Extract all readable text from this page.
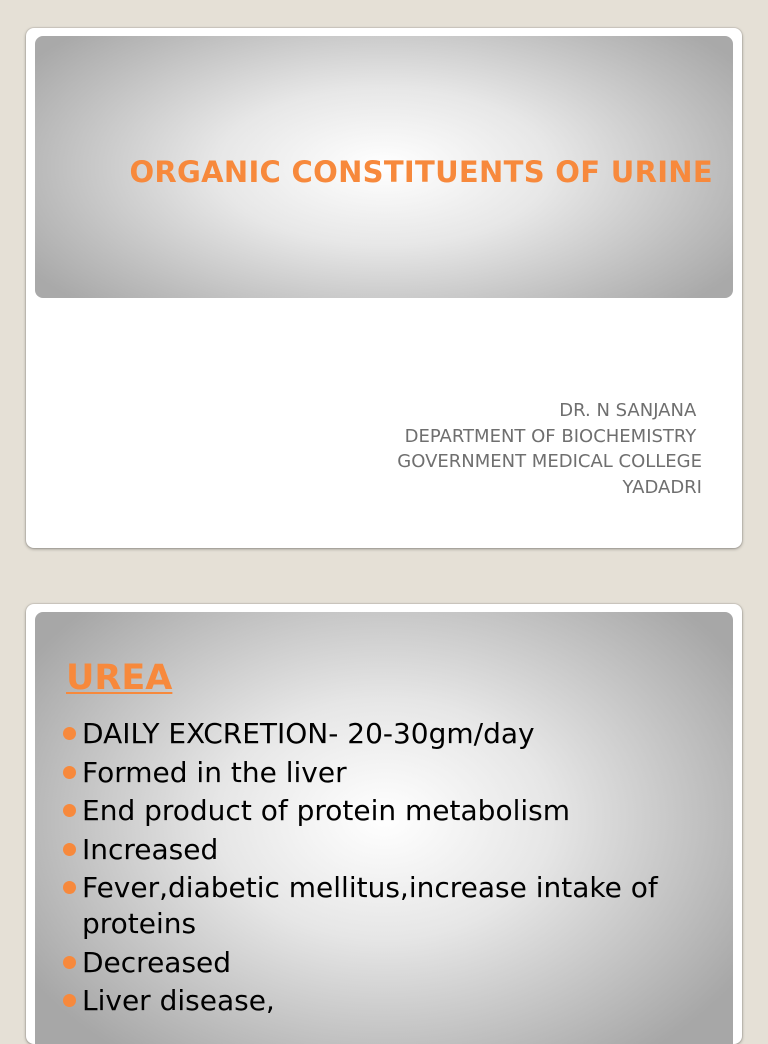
ORGANIC CONSTITUENTS OF URINE
DR. N SANJANA
DEPARTMENT OF BIOCHEMISTRY
GOVERNMENT MEDICAL COLLEGE
YADADRI
UREA
DAILY EXCRETION- 20-30gm/day
Formed in the liver
End product of protein metabolism
Increased
Fever,diabetic mellitus,increase intake of proteins
Decreased
Liver disease,
